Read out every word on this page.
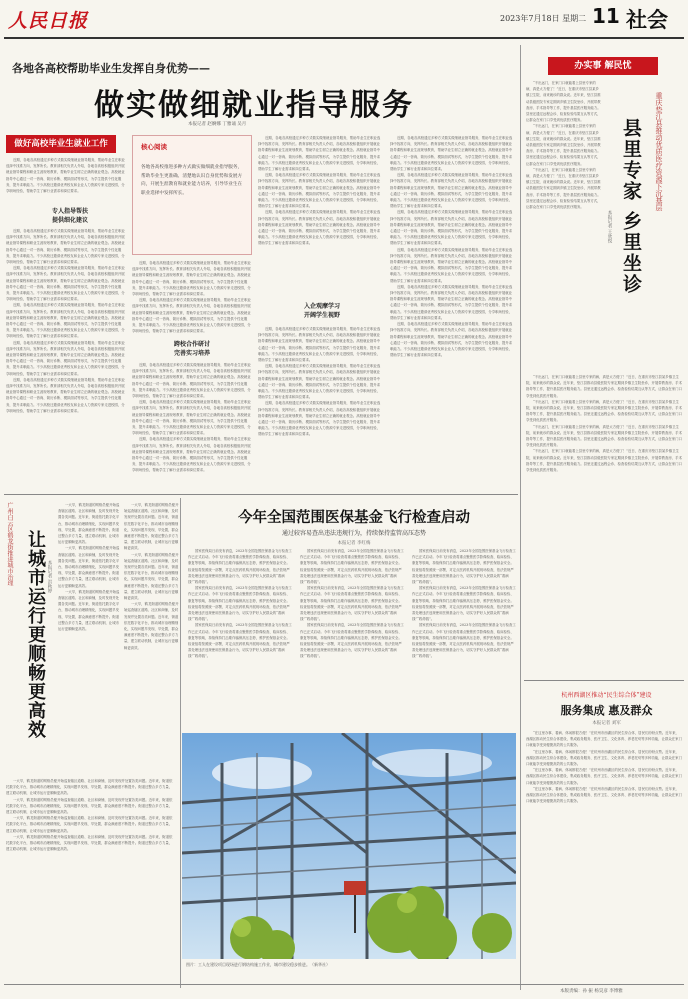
人民日报	2023年7月18日 星期二 11 社会
各地各高校帮助毕业生发挥自身优势——
做实做细就业指导服务
本报记者 赵婀娜 丁雅诵 吴月
做好高校毕业生就业工作

近期，各地各高校通过多种方式做实做细就业指导服务，帮助毕业生在职业选择中找准方向，发挥所长。教育部相关负责人介绍，各地各高校积极组织开展就业指导课程和职业生涯规划教育，帮助毕业生树立正确的就业观念。高校就业指导中心通过一对一咨询、简历诊断、模拟面试等形式，为学生提供个性化服务，提升求职能力。不少高校还邀请优秀校友和企业人力资源专家走进校园，分享职场经验，帮助学生了解行业需求和岗位要求。

专人指导帮扶
提供细化建议

近期，各地各高校通过多种方式做实做细就业指导服务，帮助毕业生在职业选择中找准方向，发挥所长。教育部相关负责人介绍，各地各高校积极组织开展就业指导课程和职业生涯规划教育，帮助毕业生树立正确的就业观念。高校就业指导中心通过一对一咨询、简历诊断、模拟面试等形式，为学生提供个性化服务，提升求职能力。不少高校还邀请优秀校友和企业人力资源专家走进校园，分享职场经验，帮助学生了解行业需求和岗位要求。

近期，各地各高校通过多种方式做实做细就业指导服务，帮助毕业生在职业选择中找准方向，发挥所长。教育部相关负责人介绍，各地各高校积极组织开展就业指导课程和职业生涯规划教育，帮助毕业生树立正确的就业观念。高校就业指导中心通过一对一咨询、简历诊断、模拟面试等形式，为学生提供个性化服务，提升求职能力。不少高校还邀请优秀校友和企业人力资源专家走进校园，分享职场经验，帮助学生了解行业需求和岗位要求。

近期，各地各高校通过多种方式做实做细就业指导服务，帮助毕业生在职业选择中找准方向，发挥所长。教育部相关负责人介绍，各地各高校积极组织开展就业指导课程和职业生涯规划教育，帮助毕业生树立正确的就业观念。高校就业指导中心通过一对一咨询、简历诊断、模拟面试等形式，为学生提供个性化服务，提升求职能力。不少高校还邀请优秀校友和企业人力资源专家走进校园，分享职场经验，帮助学生了解行业需求和岗位要求。

近期，各地各高校通过多种方式做实做细就业指导服务，帮助毕业生在职业选择中找准方向，发挥所长。教育部相关负责人介绍，各地各高校积极组织开展就业指导课程和职业生涯规划教育，帮助毕业生树立正确的就业观念。高校就业指导中心通过一对一咨询、简历诊断、模拟面试等形式，为学生提供个性化服务，提升求职能力。不少高校还邀请优秀校友和企业人力资源专家走进校园，分享职场经验，帮助学生了解行业需求和岗位要求。

近期，各地各高校通过多种方式做实做细就业指导服务，帮助毕业生在职业选择中找准方向，发挥所长。教育部相关负责人介绍，各地各高校积极组织开展就业指导课程和职业生涯规划教育，帮助毕业生树立正确的就业观念。高校就业指导中心通过一对一咨询、简历诊断、模拟面试等形式，为学生提供个性化服务，提升求职能力。不少高校还邀请优秀校友和企业人力资源专家走进校园，分享职场经验，帮助学生了解行业需求和岗位要求。

核心阅读
各地各高校推进多种方式做实做细就业指导服务，帮助毕业生更准确、清楚地认识自身优势和发展方向，开展生涯教育和就业能力培养，引导毕业生在职业选择中发挥所长。

近期，各地各高校通过多种方式做实做细就业指导服务，帮助毕业生在职业选择中找准方向，发挥所长。教育部相关负责人介绍，各地各高校积极组织开展就业指导课程和职业生涯规划教育，帮助毕业生树立正确的就业观念。高校就业指导中心通过一对一咨询、简历诊断、模拟面试等形式，为学生提供个性化服务，提升求职能力。不少高校还邀请优秀校友和企业人力资源专家走进校园，分享职场经验，帮助学生了解行业需求和岗位要求。

近期，各地各高校通过多种方式做实做细就业指导服务，帮助毕业生在职业选择中找准方向，发挥所长。教育部相关负责人介绍，各地各高校积极组织开展就业指导课程和职业生涯规划教育，帮助毕业生树立正确的就业观念。高校就业指导中心通过一对一咨询、简历诊断、模拟面试等形式，为学生提供个性化服务，提升求职能力。不少高校还邀请优秀校友和企业人力资源专家走进校园，分享职场经验，帮助学生了解行业需求和岗位要求。

跨校合作研讨
完善实习培养

近期，各地各高校通过多种方式做实做细就业指导服务，帮助毕业生在职业选择中找准方向，发挥所长。教育部相关负责人介绍，各地各高校积极组织开展就业指导课程和职业生涯规划教育，帮助毕业生树立正确的就业观念。高校就业指导中心通过一对一咨询、简历诊断、模拟面试等形式，为学生提供个性化服务，提升求职能力。不少高校还邀请优秀校友和企业人力资源专家走进校园，分享职场经验，帮助学生了解行业需求和岗位要求。

近期，各地各高校通过多种方式做实做细就业指导服务，帮助毕业生在职业选择中找准方向，发挥所长。教育部相关负责人介绍，各地各高校积极组织开展就业指导课程和职业生涯规划教育，帮助毕业生树立正确的就业观念。高校就业指导中心通过一对一咨询、简历诊断、模拟面试等形式，为学生提供个性化服务，提升求职能力。不少高校还邀请优秀校友和企业人力资源专家走进校园，分享职场经验，帮助学生了解行业需求和岗位要求。

近期，各地各高校通过多种方式做实做细就业指导服务，帮助毕业生在职业选择中找准方向，发挥所长。教育部相关负责人介绍，各地各高校积极组织开展就业指导课程和职业生涯规划教育，帮助毕业生树立正确的就业观念。高校就业指导中心通过一对一咨询、简历诊断、模拟面试等形式，为学生提供个性化服务，提升求职能力。不少高校还邀请优秀校友和企业人力资源专家走进校园，分享职场经验，帮助学生了解行业需求和岗位要求。

近期，各地各高校通过多种方式做实做细就业指导服务，帮助毕业生在职业选择中找准方向，发挥所长。教育部相关负责人介绍，各地各高校积极组织开展就业指导课程和职业生涯规划教育，帮助毕业生树立正确的就业观念。高校就业指导中心通过一对一咨询、简历诊断、模拟面试等形式，为学生提供个性化服务，提升求职能力。不少高校还邀请优秀校友和企业人力资源专家走进校园，分享职场经验，帮助学生了解行业需求和岗位要求。

近期，各地各高校通过多种方式做实做细就业指导服务，帮助毕业生在职业选择中找准方向，发挥所长。教育部相关负责人介绍，各地各高校积极组织开展就业指导课程和职业生涯规划教育，帮助毕业生树立正确的就业观念。高校就业指导中心通过一对一咨询、简历诊断、模拟面试等形式，为学生提供个性化服务，提升求职能力。不少高校还邀请优秀校友和企业人力资源专家走进校园，分享职场经验，帮助学生了解行业需求和岗位要求。

近期，各地各高校通过多种方式做实做细就业指导服务，帮助毕业生在职业选择中找准方向，发挥所长。教育部相关负责人介绍，各地各高校积极组织开展就业指导课程和职业生涯规划教育，帮助毕业生树立正确的就业观念。高校就业指导中心通过一对一咨询、简历诊断、模拟面试等形式，为学生提供个性化服务，提升求职能力。不少高校还邀请优秀校友和企业人力资源专家走进校园，分享职场经验，帮助学生了解行业需求和岗位要求。

入企观摩学习
开阔学生视野

近期，各地各高校通过多种方式做实做细就业指导服务，帮助毕业生在职业选择中找准方向，发挥所长。教育部相关负责人介绍，各地各高校积极组织开展就业指导课程和职业生涯规划教育，帮助毕业生树立正确的就业观念。高校就业指导中心通过一对一咨询、简历诊断、模拟面试等形式，为学生提供个性化服务，提升求职能力。不少高校还邀请优秀校友和企业人力资源专家走进校园，分享职场经验，帮助学生了解行业需求和岗位要求。

近期，各地各高校通过多种方式做实做细就业指导服务，帮助毕业生在职业选择中找准方向，发挥所长。教育部相关负责人介绍，各地各高校积极组织开展就业指导课程和职业生涯规划教育，帮助毕业生树立正确的就业观念。高校就业指导中心通过一对一咨询、简历诊断、模拟面试等形式，为学生提供个性化服务，提升求职能力。不少高校还邀请优秀校友和企业人力资源专家走进校园，分享职场经验，帮助学生了解行业需求和岗位要求。

近期，各地各高校通过多种方式做实做细就业指导服务，帮助毕业生在职业选择中找准方向，发挥所长。教育部相关负责人介绍，各地各高校积极组织开展就业指导课程和职业生涯规划教育，帮助毕业生树立正确的就业观念。高校就业指导中心通过一对一咨询、简历诊断、模拟面试等形式，为学生提供个性化服务，提升求职能力。不少高校还邀请优秀校友和企业人力资源专家走进校园，分享职场经验，帮助学生了解行业需求和岗位要求。

近期，各地各高校通过多种方式做实做细就业指导服务，帮助毕业生在职业选择中找准方向，发挥所长。教育部相关负责人介绍，各地各高校积极组织开展就业指导课程和职业生涯规划教育，帮助毕业生树立正确的就业观念。高校就业指导中心通过一对一咨询、简历诊断、模拟面试等形式，为学生提供个性化服务，提升求职能力。不少高校还邀请优秀校友和企业人力资源专家走进校园，分享职场经验，帮助学生了解行业需求和岗位要求。

近期，各地各高校通过多种方式做实做细就业指导服务，帮助毕业生在职业选择中找准方向，发挥所长。教育部相关负责人介绍，各地各高校积极组织开展就业指导课程和职业生涯规划教育，帮助毕业生树立正确的就业观念。高校就业指导中心通过一对一咨询、简历诊断、模拟面试等形式，为学生提供个性化服务，提升求职能力。不少高校还邀请优秀校友和企业人力资源专家走进校园，分享职场经验，帮助学生了解行业需求和岗位要求。

近期，各地各高校通过多种方式做实做细就业指导服务，帮助毕业生在职业选择中找准方向，发挥所长。教育部相关负责人介绍，各地各高校积极组织开展就业指导课程和职业生涯规划教育，帮助毕业生树立正确的就业观念。高校就业指导中心通过一对一咨询、简历诊断、模拟面试等形式，为学生提供个性化服务，提升求职能力。不少高校还邀请优秀校友和企业人力资源专家走进校园，分享职场经验，帮助学生了解行业需求和岗位要求。

近期，各地各高校通过多种方式做实做细就业指导服务，帮助毕业生在职业选择中找准方向，发挥所长。教育部相关负责人介绍，各地各高校积极组织开展就业指导课程和职业生涯规划教育，帮助毕业生树立正确的就业观念。高校就业指导中心通过一对一咨询、简历诊断、模拟面试等形式，为学生提供个性化服务，提升求职能力。不少高校还邀请优秀校友和企业人力资源专家走进校园，分享职场经验，帮助学生了解行业需求和岗位要求。

近期，各地各高校通过多种方式做实做细就业指导服务，帮助毕业生在职业选择中找准方向，发挥所长。教育部相关负责人介绍，各地各高校积极组织开展就业指导课程和职业生涯规划教育，帮助毕业生树立正确的就业观念。高校就业指导中心通过一对一咨询、简历诊断、模拟面试等形式，为学生提供个性化服务，提升求职能力。不少高校还邀请优秀校友和企业人力资源专家走进校园，分享职场经验，帮助学生了解行业需求和岗位要求。

近期，各地各高校通过多种方式做实做细就业指导服务，帮助毕业生在职业选择中找准方向，发挥所长。教育部相关负责人介绍，各地各高校积极组织开展就业指导课程和职业生涯规划教育，帮助毕业生树立正确的就业观念。高校就业指导中心通过一对一咨询、简历诊断、模拟面试等形式，为学生提供个性化服务，提升求职能力。不少高校还邀请优秀校友和企业人力资源专家走进校园，分享职场经验，帮助学生了解行业需求和岗位要求。

办实事 解民忧
重庆垫江县推动优质医疗资源下沉基层
县里专家 乡里坐诊
本报记者 王欣悦

“不出远门，在家门口就能看上县里专家的病，真是太方便了！”近日，在重庆市垫江县某乡镇卫生院，前来就诊的群众说。近年来，垫江县推动县级医院专家定期到乡镇卫生院坐诊，开展带教查房、手术指导等工作，提升基层医疗服务能力。县里还通过远程会诊、检查检验结果互认等方式，让群众在家门口享受到优质医疗服务。

“不出远门，在家门口就能看上县里专家的病，真是太方便了！”近日，在重庆市垫江县某乡镇卫生院，前来就诊的群众说。近年来，垫江县推动县级医院专家定期到乡镇卫生院坐诊，开展带教查房、手术指导等工作，提升基层医疗服务能力。县里还通过远程会诊、检查检验结果互认等方式，让群众在家门口享受到优质医疗服务。

“不出远门，在家门口就能看上县里专家的病，真是太方便了！”近日，在重庆市垫江县某乡镇卫生院，前来就诊的群众说。近年来，垫江县推动县级医院专家定期到乡镇卫生院坐诊，开展带教查房、手术指导等工作，提升基层医疗服务能力。县里还通过远程会诊、检查检验结果互认等方式，让群众在家门口享受到优质医疗服务。

“不出远门，在家门口就能看上县里专家的病，真是太方便了！”近日，在重庆市垫江县某乡镇卫生院，前来就诊的群众说。近年来，垫江县推动县级医院专家定期到乡镇卫生院坐诊，开展带教查房、手术指导等工作，提升基层医疗服务能力。县里还通过远程会诊、检查检验结果互认等方式，让群众在家门口享受到优质医疗服务。

“不出远门，在家门口就能看上县里专家的病，真是太方便了！”近日，在重庆市垫江县某乡镇卫生院，前来就诊的群众说。近年来，垫江县推动县级医院专家定期到乡镇卫生院坐诊，开展带教查房、手术指导等工作，提升基层医疗服务能力。县里还通过远程会诊、检查检验结果互认等方式，让群众在家门口享受到优质医疗服务。

“不出远门，在家门口就能看上县里专家的病，真是太方便了！”近日，在重庆市垫江县某乡镇卫生院，前来就诊的群众说。近年来，垫江县推动县级医院专家定期到乡镇卫生院坐诊，开展带教查房、手术指导等工作，提升基层医疗服务能力。县里还通过远程会诊、检查检验结果互认等方式，让群众在家门口享受到优质医疗服务。

“不出远门，在家门口就能看上县里专家的病，真是太方便了！”近日，在重庆市垫江县某乡镇卫生院，前来就诊的群众说。近年来，垫江县推动县级医院专家定期到乡镇卫生院坐诊，开展带教查房、手术指导等工作，提升基层医疗服务能力。县里还通过远程会诊、检查检验结果互认等方式，让群众在家门口享受到优质医疗服务。

杭州西湖区推动“民生综合体”建设
服务集成 惠及群众
本报记者 刘军

“在这里办事、看病、休闲都很方便！”在杭州市西湖区的民生综合体，居民们纷纷点赞。近年来，西湖区推动民生综合体建设，集成政务服务、医疗卫生、文化体育、养老托幼等多种功能，让群众在家门口就能享受到便捷高效的公共服务。

“在这里办事、看病、休闲都很方便！”在杭州市西湖区的民生综合体，居民们纷纷点赞。近年来，西湖区推动民生综合体建设，集成政务服务、医疗卫生、文化体育、养老托幼等多种功能，让群众在家门口就能享受到便捷高效的公共服务。

“在这里办事、看病、休闲都很方便！”在杭州市西湖区的民生综合体，居民们纷纷点赞。近年来，西湖区推动民生综合体建设，集成政务服务、医疗卫生、文化体育、养老托幼等多种功能，让群众在家门口就能享受到便捷高效的公共服务。

“在这里办事、看病、休闲都很方便！”在杭州市西湖区的民生综合体，居民们纷纷点赞。近年来，西湖区推动民生综合体建设，集成政务服务、医疗卫生、文化体育、养老托幼等多种功能，让群众在家门口就能享受到便捷高效的公共服务。

广州白云区鹤龙街推进城市治理 让城市运行更顺畅更高效 本报记者 洪秋婷

一大早，鹤龙街道的网格员便开始巡查辖区道路、社区和商铺，及时发现并处置各类问题。近年来，街道依托数字化平台，推动城市治理精细化，实现问题早发现、早处置，群众满意度不断提升。街道还整合多方力量，建立联动机制，让城市运行更顺畅更高效。

一大早，鹤龙街道的网格员便开始巡查辖区道路、社区和商铺，及时发现并处置各类问题。近年来，街道依托数字化平台，推动城市治理精细化，实现问题早发现、早处置，群众满意度不断提升。街道还整合多方力量，建立联动机制，让城市运行更顺畅更高效。

一大早，鹤龙街道的网格员便开始巡查辖区道路、社区和商铺，及时发现并处置各类问题。近年来，街道依托数字化平台，推动城市治理精细化，实现问题早发现、早处置，群众满意度不断提升。街道还整合多方力量，建立联动机制，让城市运行更顺畅更高效。

一大早，鹤龙街道的网格员便开始巡查辖区道路、社区和商铺，及时发现并处置各类问题。近年来，街道依托数字化平台，推动城市治理精细化，实现问题早发现、早处置，群众满意度不断提升。街道还整合多方力量，建立联动机制，让城市运行更顺畅更高效。

一大早，鹤龙街道的网格员便开始巡查辖区道路、社区和商铺，及时发现并处置各类问题。近年来，街道依托数字化平台，推动城市治理精细化，实现问题早发现、早处置，群众满意度不断提升。街道还整合多方力量，建立联动机制，让城市运行更顺畅更高效。

一大早，鹤龙街道的网格员便开始巡查辖区道路、社区和商铺，及时发现并处置各类问题。近年来，街道依托数字化平台，推动城市治理精细化，实现问题早发现、早处置，群众满意度不断提升。街道还整合多方力量，建立联动机制，让城市运行更顺畅更高效。

一大早，鹤龙街道的网格员便开始巡查辖区道路、社区和商铺，及时发现并处置各类问题。近年来，街道依托数字化平台，推动城市治理精细化，实现问题早发现、早处置，群众满意度不断提升。街道还整合多方力量，建立联动机制，让城市运行更顺畅更高效。

一大早，鹤龙街道的网格员便开始巡查辖区道路、社区和商铺，及时发现并处置各类问题。近年来，街道依托数字化平台，推动城市治理精细化，实现问题早发现、早处置，群众满意度不断提升。街道还整合多方力量，建立联动机制，让城市运行更顺畅更高效。

一大早，鹤龙街道的网格员便开始巡查辖区道路、社区和商铺，及时发现并处置各类问题。近年来，街道依托数字化平台，推动城市治理精细化，实现问题早发现、早处置，群众满意度不断提升。街道还整合多方力量，建立联动机制，让城市运行更顺畅更高效。

一大早，鹤龙街道的网格员便开始巡查辖区道路、社区和商铺，及时发现并处置各类问题。近年来，街道依托数字化平台，推动城市治理精细化，实现问题早发现、早处置，群众满意度不断提升。街道还整合多方力量，建立联动机制，让城市运行更顺畅更高效。

今年全国范围医保基金飞行检查启动
通过较容易查出违法违规行为，持续保持监管高压态势
本报记者 李红梅

国家医保局日前发布消息，2023年全国范围医保基金飞行检查工作已正式启动。今年飞行检查将重点聚焦医学影像检查、临床检验、康复等领域，持续保持打击欺诈骗保高压态势，维护医保基金安全。检查组将按照统一部署，对定点医药机构开展现场检查，依法依规严肃处理违法违规使用医保基金行为，切实守护好人民群众的“看病钱”“救命钱”。

国家医保局日前发布消息，2023年全国范围医保基金飞行检查工作已正式启动。今年飞行检查将重点聚焦医学影像检查、临床检验、康复等领域，持续保持打击欺诈骗保高压态势，维护医保基金安全。检查组将按照统一部署，对定点医药机构开展现场检查，依法依规严肃处理违法违规使用医保基金行为，切实守护好人民群众的“看病钱”“救命钱”。

国家医保局日前发布消息，2023年全国范围医保基金飞行检查工作已正式启动。今年飞行检查将重点聚焦医学影像检查、临床检验、康复等领域，持续保持打击欺诈骗保高压态势，维护医保基金安全。检查组将按照统一部署，对定点医药机构开展现场检查，依法依规严肃处理违法违规使用医保基金行为，切实守护好人民群众的“看病钱”“救命钱”。

国家医保局日前发布消息，2023年全国范围医保基金飞行检查工作已正式启动。今年飞行检查将重点聚焦医学影像检查、临床检验、康复等领域，持续保持打击欺诈骗保高压态势，维护医保基金安全。检查组将按照统一部署，对定点医药机构开展现场检查，依法依规严肃处理违法违规使用医保基金行为，切实守护好人民群众的“看病钱”“救命钱”。

国家医保局日前发布消息，2023年全国范围医保基金飞行检查工作已正式启动。今年飞行检查将重点聚焦医学影像检查、临床检验、康复等领域，持续保持打击欺诈骗保高压态势，维护医保基金安全。检查组将按照统一部署，对定点医药机构开展现场检查，依法依规严肃处理违法违规使用医保基金行为，切实守护好人民群众的“看病钱”“救命钱”。

国家医保局日前发布消息，2023年全国范围医保基金飞行检查工作已正式启动。今年飞行检查将重点聚焦医学影像检查、临床检验、康复等领域，持续保持打击欺诈骗保高压态势，维护医保基金安全。检查组将按照统一部署，对定点医药机构开展现场检查，依法依规严肃处理违法违规使用医保基金行为，切实守护好人民群众的“看病钱”“救命钱”。

国家医保局日前发布消息，2023年全国范围医保基金飞行检查工作已正式启动。今年飞行检查将重点聚焦医学影像检查、临床检验、康复等领域，持续保持打击欺诈骗保高压态势，维护医保基金安全。检查组将按照统一部署，对定点医药机构开展现场检查，依法依规严肃处理违法违规使用医保基金行为，切实守护好人民群众的“看病钱”“救命钱”。

国家医保局日前发布消息，2023年全国范围医保基金飞行检查工作已正式启动。今年飞行检查将重点聚焦医学影像检查、临床检验、康复等领域，持续保持打击欺诈骗保高压态势，维护医保基金安全。检查组将按照统一部署，对定点医药机构开展现场检查，依法依规严肃处理违法违规使用医保基金行为，切实守护好人民群众的“看病钱”“救命钱”。

国家医保局日前发布消息，2023年全国范围医保基金飞行检查工作已正式启动。今年飞行检查将重点聚焦医学影像检查、临床检验、康复等领域，持续保持打击欺诈骗保高压态势，维护医保基金安全。检查组将按照统一部署，对定点医药机构开展现场检查，依法依规严肃处理违法违规使用医保基金行为，切实守护好人民群众的“看病钱”“救命钱”。

图片：工人在建设项目现场进行钢结构施工作业，城市建设稳步推进。（新华社）
本版责编：孙 振 杨昊彦 李博雅
